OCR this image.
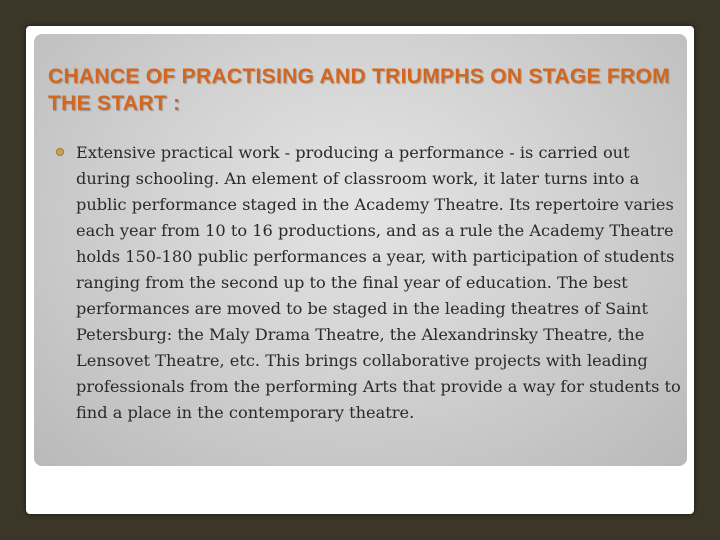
CHANCE OF PRACTISING AND TRIUMPHS ON STAGE FROM THE START :

Extensive practical work - producing a performance - is carried out during schooling. An element of classroom work, it later turns into a public performance staged in the Academy Theatre. Its repertoire varies each year from 10 to 16 productions, and as a rule the Academy Theatre holds 150-180 public performances a year, with participation of students ranging from the second up to the final year of education. The best performances are moved to be staged in the leading theatres of Saint Petersburg: the Maly Drama Theatre, the Alexandrinsky Theatre, the Lensovet Theatre, etc. This brings collaborative projects with leading professionals from the performing Arts that provide a way for students to find a place in the contemporary theatre.
